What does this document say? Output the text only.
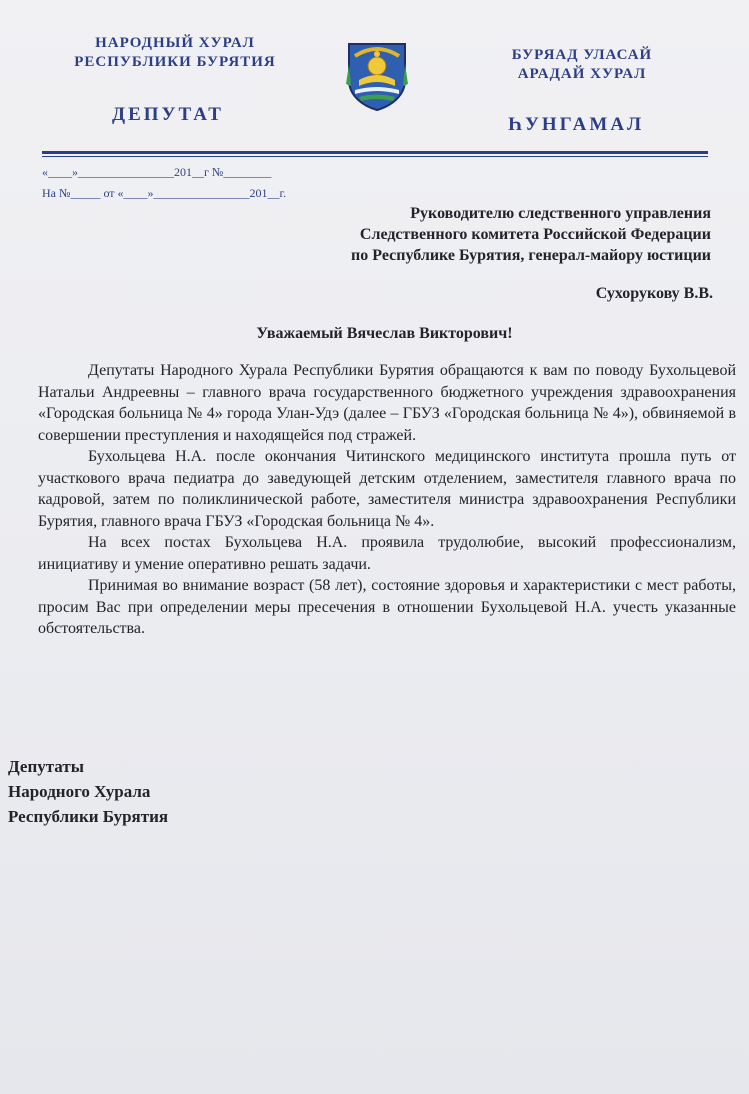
НАРОДНЫЙ ХУРАЛ
РЕСПУБЛИКИ БУРЯТИЯ	БУРЯАД УЛАСАЙ
АРАДАЙ ХУРАЛ
ДЕПУТАТ	ҺУНГАМАЛ
«____»________________201__г №________
На №_____ от «____»________________201__г.
Руководителю следственного управления
Следственного комитета Российской Федерации
по Республике Бурятия, генерал-майору юстиции
Сухорукову В.В.
Уважаемый Вячеслав Викторович!

Депутаты Народного Хурала Республики Бурятия обращаются к вам по поводу Бухольцевой Натальи Андреевны – главного врача государственного бюджетного учреждения здравоохранения «Городская больница № 4» города Улан-Удэ (далее – ГБУЗ «Городская больница № 4»), обвиняемой в совершении преступления и находящейся под стражей.

Бухольцева Н.А. после окончания Читинского медицинского института прошла путь от участкового врача педиатра до заведующей детским отделением, заместителя главного врача по кадровой, затем по поликлинической работе, заместителя министра здравоохранения Республики Бурятия, главного врача ГБУЗ «Городская больница № 4».

На всех постах Бухольцева Н.А. проявила трудолюбие, высокий профессионализм, инициативу и умение оперативно решать задачи.

Принимая во внимание возраст (58 лет), состояние здоровья и характеристики с мест работы, просим Вас при определении меры пресечения в отношении Бухольцевой Н.А. учесть указанные обстоятельства.

Депутаты
Народного Хурала
Республики Бурятия
